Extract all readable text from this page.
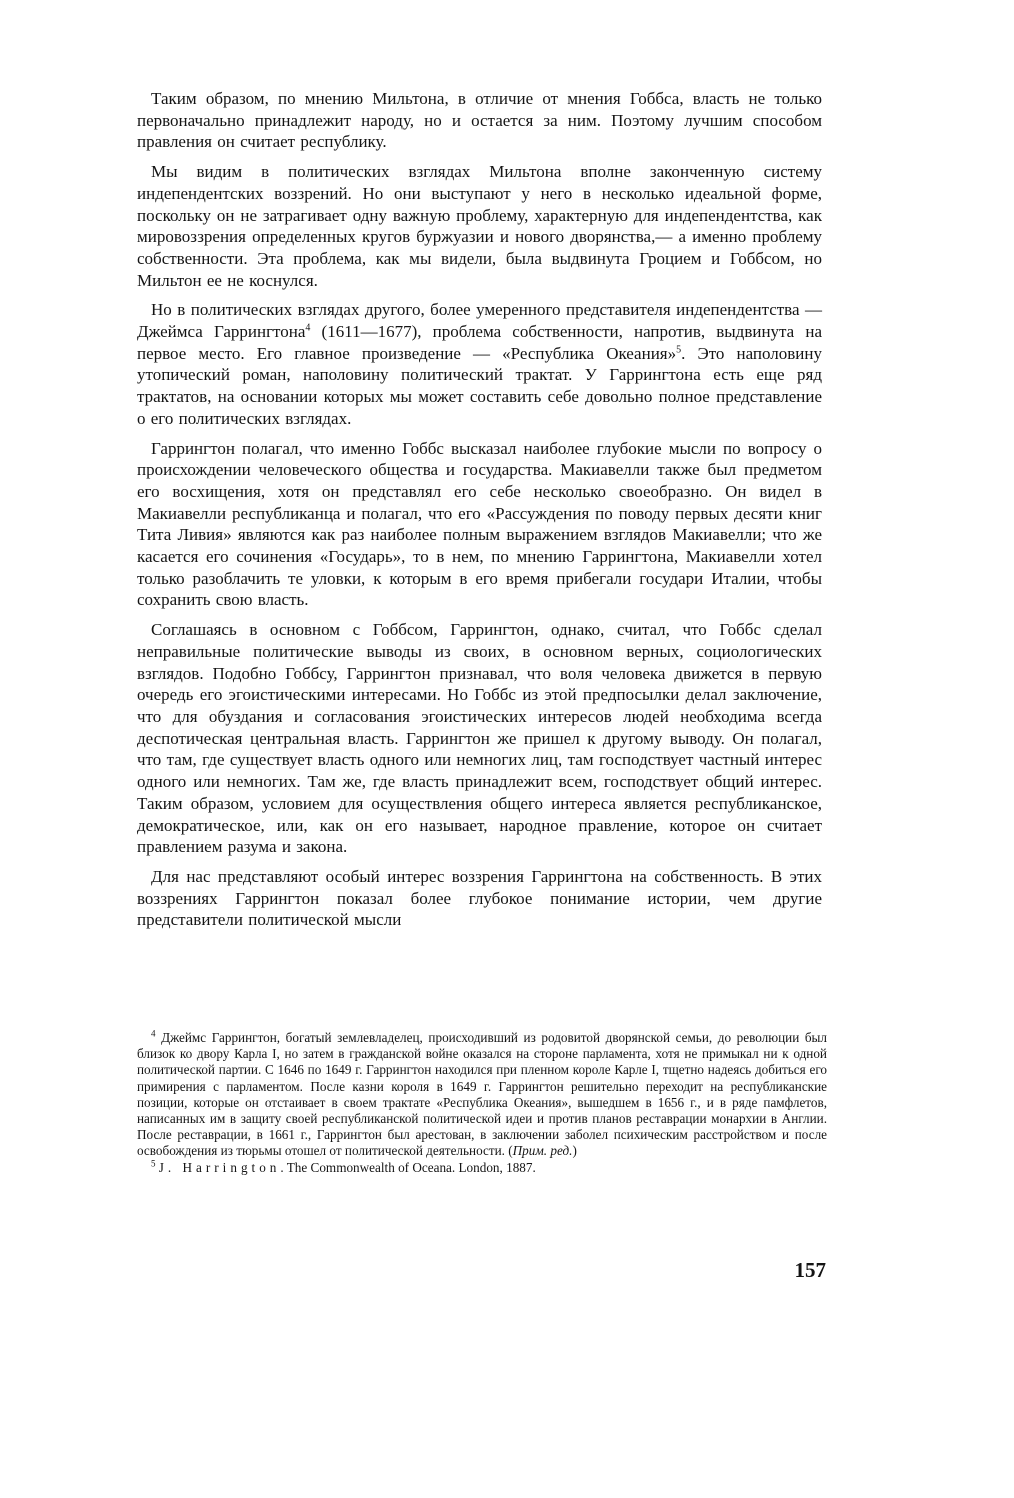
Таким образом, по мнению Мильтона, в отличие от мнения Гоббса, власть не только первоначально принадлежит народу, но и остается за ним. Поэтому лучшим способом правления он считает республику.

Мы видим в политических взглядах Мильтона вполне законченную систему индепендентских воззрений. Но они выступают у него в несколько идеальной форме, поскольку он не затрагивает одну важную проблему, характерную для индепендентства, как мировоззрения определенных кругов буржуазии и нового дворянства,— а именно проблему собственности. Эта проблема, как мы видели, была выдвинута Гроцием и Гоббсом, но Мильтон ее не коснулся.

Но в политических взглядах другого, более умеренного представителя индепендентства — Джеймса Гаррингтона$^4$ (1611—1677), проблема собственности, напротив, выдвинута на первое место. Его главное произведение — «Республика Океания»$^5$. Это наполовину утопический роман, наполовину политический трактат. У Гаррингтона есть еще ряд трактатов, на основании которых мы может составить себе довольно полное представление о его политических взглядах.

Гаррингтон полагал, что именно Гоббс высказал наиболее глубокие мысли по вопросу о происхождении человеческого общества и государства. Макиавелли также был предметом его восхищения, хотя он представлял его себе несколько своеобразно. Он видел в Макиавелли республиканца и полагал, что его «Рассуждения по поводу первых десяти книг Тита Ливия» являются как раз наиболее полным выражением взглядов Макиавелли; что же касается его сочинения «Государь», то в нем, по мнению Гаррингтона, Макиавелли хотел только разоблачить те уловки, к которым в его время прибегали государи Италии, чтобы сохранить свою власть.

Соглашаясь в основном с Гоббсом, Гаррингтон, однако, считал, что Гоббс сделал неправильные политические выводы из своих, в основном верных, социологических взглядов. Подобно Гоббсу, Гаррингтон признавал, что воля человека движется в первую очередь его эгоистическими интересами. Но Гоббс из этой предпосылки делал заключение, что для обуздания и согласования эгоистических интересов людей необходима всегда деспотическая центральная власть. Гаррингтон же пришел к другому выводу. Он полагал, что там, где существует власть одного или немногих лиц, там господствует частный интерес одного или немногих. Там же, где власть принадлежит всем, господствует общий интерес. Таким образом, условием для осуществления общего интереса является республиканское, демократическое, или, как он его называет, народное правление, которое он считает правлением разума и закона.

Для нас представляют особый интерес воззрения Гаррингтона на собственность. В этих воззрениях Гаррингтон показал более глубокое понимание истории, чем другие представители политической мысли

$^4$ Джеймс Гаррингтон, богатый землевладелец, происходивший из родовитой дворянской семьи, до революции был близок ко двору Карла I, но затем в гражданской войне оказался на стороне парламента, хотя не примыкал ни к одной политической партии. С 1646 по 1649 г. Гаррингтон находился при пленном короле Карле I, тщетно надеясь добиться его примирения с парламентом. После казни короля в 1649 г. Гаррингтон решительно переходит на республиканские позиции, которые он отстаивает в своем трактате «Республика Океания», вышедшем в 1656 г., и в ряде памфлетов, написанных им в защиту своей республиканской политической идеи и против планов реставрации монархии в Англии. После реставрации, в 1661 г., Гаррингтон был арестован, в заключении заболел психическим расстройством и после освобождения из тюрьмы отошел от политической деятельности. (Прим. ред.)

$^5$ J. Harrington. The Commonwealth of Oceana. London, 1887.

157
